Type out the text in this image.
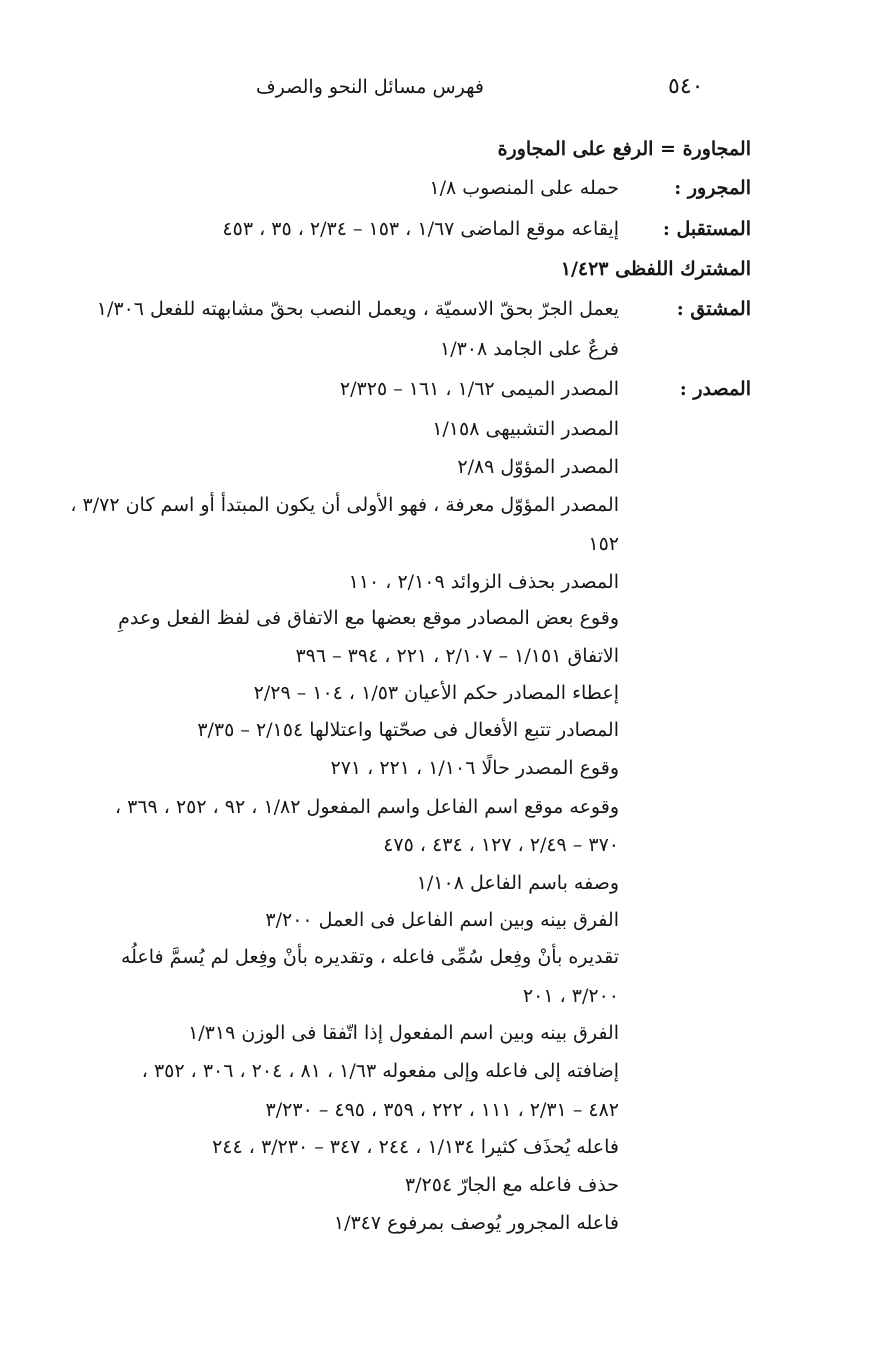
فهرس مسائل النحو والصرف	٥٤٠
المجاورة = الرفع على المجاورة
المجرور :
حمله على المنصوب ١/٨
المستقبل :
إيقاعه موقع الماضى ١/٦٧ ، ١٥٣ – ٢/٣٤ ، ٣٥ ، ٤٥٣
المشترك اللفظى ١/٤٢٣
المشتق :
يعمل الجرّ بحقّ الاسميّة ، ويعمل النصب بحقّ مشابهته للفعل ١/٣٠٦
فرعٌ على الجامد ١/٣٠٨
المصدر :
المصدر الميمى ١/٦٢ ، ١٦١ – ٢/٣٢٥
المصدر التشبيهى ١/١٥٨
المصدر المؤوّل ٢/٨٩
المصدر المؤوّل معرفة ، فهو الأولى أن يكون المبتدأ أو اسم كان ٣/٧٢ ،
١٥٢
المصدر بحذف الزوائد ٢/١٠٩ ، ١١٠
وقوع بعض المصادر موقع بعضها مع الاتفاق فى لفظ الفعل وعدمِ
الاتفاق ١/١٥١ – ٢/١٠٧ ، ٢٢١ ، ٣٩٤ – ٣٩٦
إعطاء المصادر حكم الأعيان ١/٥٣ ، ١٠٤ – ٢/٢٩
المصادر تتبع الأفعال فى صحّتها واعتلالها ٢/١٥٤ – ٣/٣٥
وقوع المصدر حالًا ١/١٠٦ ، ٢٢١ ، ٢٧١
وقوعه موقع اسم الفاعل واسم المفعول ١/٨٢ ، ٩٢ ، ٢٥٢ ، ٣٦٩ ،
٣٧٠ – ٢/٤٩ ، ١٢٧ ، ٤٣٤ ، ٤٧٥
وصفه باسم الفاعل ١/١٠٨
الفرق بينه وبين اسم الفاعل فى العمل ٣/٢٠٠
تقديره بأنْ وفِعل سُمِّى فاعله ، وتقديره بأنْ وفِعل لم يُسمَّ فاعلُه
٣/٢٠٠ ، ٢٠١
الفرق بينه وبين اسم المفعول إذا اتّفقا فى الوزن ١/٣١٩
إضافته إلى فاعله وإلى مفعوله ١/٦٣ ، ٨١ ، ٢٠٤ ، ٣٠٦ ، ٣٥٢ ،
٤٨٢ – ٢/٣١ ، ١١١ ، ٢٢٢ ، ٣٥٩ ، ٤٩٥ – ٣/٢٣٠
فاعله يُحذَف كثيرا ١/١٣٤ ، ٢٤٤ ، ٣٤٧ – ٣/٢٣٠ ، ٢٤٤
حذف فاعله مع الجارّ ٣/٢٥٤
فاعله المجرور يُوصف بمرفوع ١/٣٤٧
